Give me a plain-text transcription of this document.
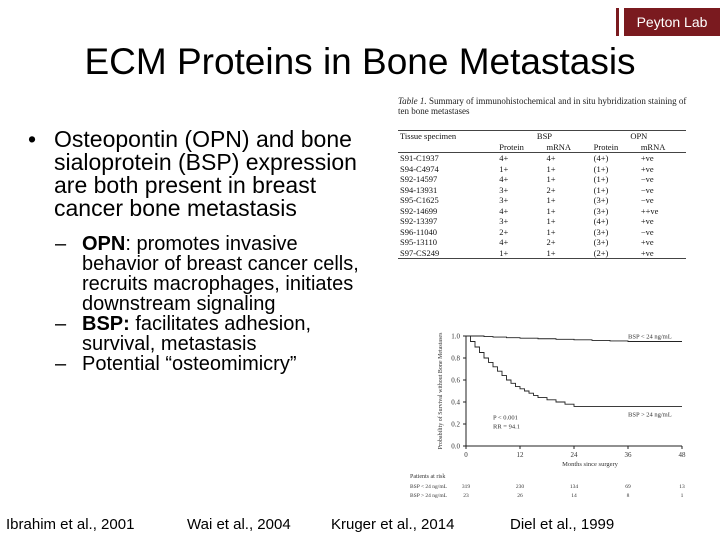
Peyton Lab
ECM Proteins in Bone Metastasis
• Osteopontin (OPN) and bone sialoprotein (BSP) expression are both present in breast cancer bone metastasis
– OPN: promotes invasive behavior of breast cancer cells, recruits macrophages, initiates downstream signaling
– BSP: facilitates adhesion, survival, metastasis
– Potential “osteomimicry”
Ibrahim et al., 2001	Wai et al., 2004	Kruger et al., 2014	Diel et al., 1999
Table 1. Summary of immunohistochemical and in situ hybridization staining of ten bone metastases
Tissue specimen	BSP		OPN	
	Protein	mRNA	Protein	mRNA
S91-C1937	4+	4+	(4+)	+ve
S94-C4974	1+	1+	(1+)	+ve
S92-14597	4+	1+	(1+)	−ve
S94-13931	3+	2+	(1+)	−ve
S95-C1625	3+	1+	(3+)	−ve
S92-14699	4+	1+	(3+)	++ve
S92-13397	3+	1+	(4+)	+ve
S96-11040	2+	1+	(3+)	−ve
S95-13110	4+	2+	(3+)	+ve
S97-CS249	1+	1+	(2+)	+ve
0.0
0.2
0.4
0.6
0.8
1.0
0	12	24	36	48
BSP < 24 ng/mL
BSP > 24 ng/mL
P < 0.001
RR = 94.1
Probability of Survival without Bone Metastases
Months since surgery
Patients at risk
BSP < 24 ng/mL	319	230	134	69	13
BSP > 24 ng/mL	23	26	14	8	1
